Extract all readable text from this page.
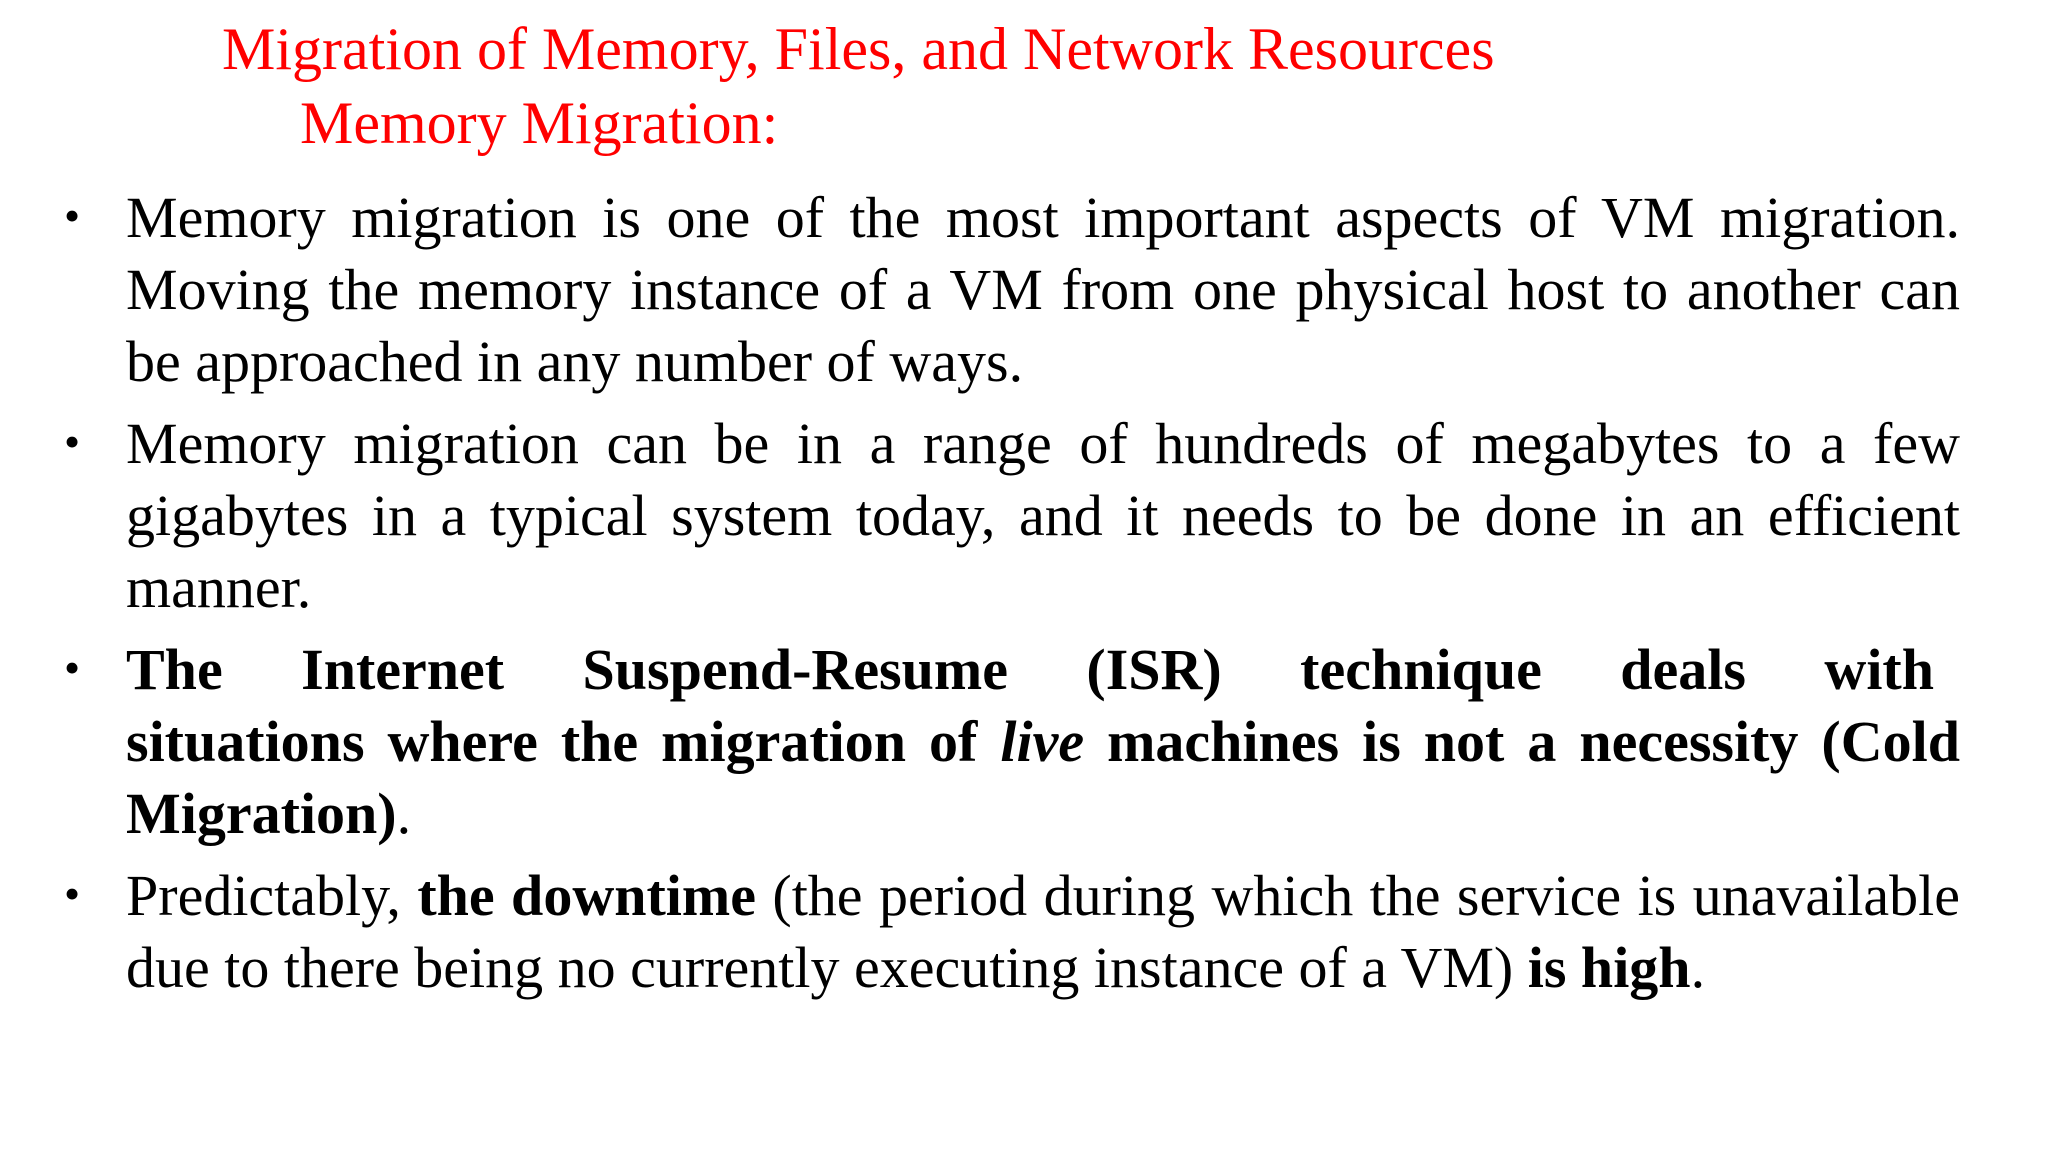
Migration of Memory, Files, and Network Resources
Memory Migration:
• Memory migration is one of the most important aspects of VM migration. Moving the memory instance of a VM from one physical host to another can be approached in any number of ways.
• Memory migration can be in a range of hundreds of megabytes to a few gigabytes in a typical system today, and it needs to be done in an efficient manner.
• The Internet Suspend-Resume (ISR) technique deals with
situations where the migration of live machines is not a necessity (Cold Migration).
• Predictably, the downtime (the period during which the service is unavailable due to there being no currently executing instance of a VM) is high.
